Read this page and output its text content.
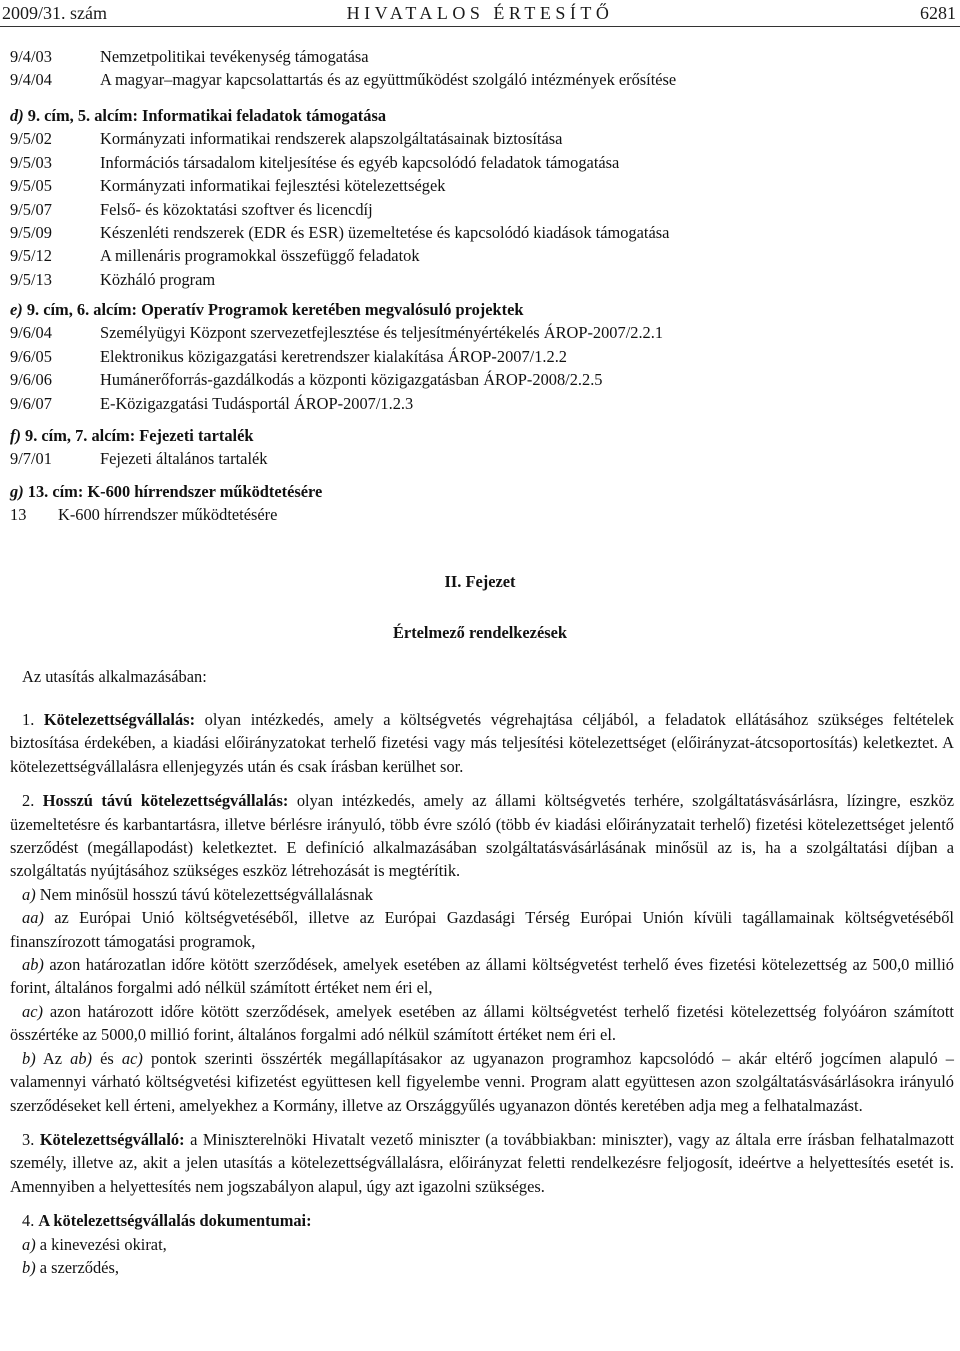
2009/31. szám	HIVATALOS ÉRTESÍTŐ	6281
9/4/03	Nemzetpolitikai tevékenység támogatása
9/4/04	A magyar–magyar kapcsolattartás és az együttműködést szolgáló intézmények erősítése
d) 9. cím, 5. alcím: Informatikai feladatok támogatása
9/5/02	Kormányzati informatikai rendszerek alapszolgáltatásainak biztosítása
9/5/03	Információs társadalom kiteljesítése és egyéb kapcsolódó feladatok támogatása
9/5/05	Kormányzati informatikai fejlesztési kötelezettségek
9/5/07	Felső- és közoktatási szoftver és licencdíj
9/5/09	Készenléti rendszerek (EDR és ESR) üzemeltetése és kapcsolódó kiadások támogatása
9/5/12	A millenáris programokkal összefüggő feladatok
9/5/13	Közháló program
e) 9. cím, 6. alcím: Operatív Programok keretében megvalósuló projektek
9/6/04	Személyügyi Központ szervezetfejlesztése és teljesítményértékelés ÁROP-2007/2.2.1
9/6/05	Elektronikus közigazgatási keretrendszer kialakítása ÁROP-2007/1.2.2
9/6/06	Humánerőforrás-gazdálkodás a központi közigazgatásban ÁROP-2008/2.2.5
9/6/07	E-Közigazgatási Tudásportál ÁROP-2007/1.2.3
f) 9. cím, 7. alcím: Fejezeti tartalék
9/7/01	Fejezeti általános tartalék
g) 13. cím: K-600 hírrendszer működtetésére
13	K-600 hírrendszer működtetésére
II. Fejezet
Értelmező rendelkezések
Az utasítás alkalmazásában:

1. Kötelezettségvállalás: olyan intézkedés, amely a költségvetés végrehajtása céljából, a feladatok ellátásához szükséges feltételek biztosítása érdekében, a kiadási előirányzatokat terhelő fizetési vagy más teljesítési kötelezettséget (előirányzat-átcsoportosítás) keletkeztet. A kötelezettségvállalásra ellenjegyzés után és csak írásban kerülhet sor.

2. Hosszú távú kötelezettségvállalás: olyan intézkedés, amely az állami költségvetés terhére, szolgáltatásvásárlásra, lízingre, eszköz üzemeltetésre és karbantartásra, illetve bérlésre irányuló, több évre szóló (több év kiadási előirányzatait terhelő) fizetési kötelezettséget jelentő szerződést (megállapodást) keletkeztet. E definíció alkalmazásában szolgáltatásvásárlásának minősül az is, ha a szolgáltatási díjban a szolgáltatás nyújtásához szükséges eszköz létrehozását is megtérítik.

a) Nem minősül hosszú távú kötelezettségvállalásnak

aa) az Európai Unió költségvetéséből, illetve az Európai Gazdasági Térség Európai Unión kívüli tagállamainak költségvetéséből finanszírozott támogatási programok,

ab) azon határozatlan időre kötött szerződések, amelyek esetében az állami költségvetést terhelő éves fizetési kötelezettség az 500,0 millió forint, általános forgalmi adó nélkül számított értéket nem éri el,

ac) azon határozott időre kötött szerződések, amelyek esetében az állami költségvetést terhelő fizetési kötelezettség folyóáron számított összértéke az 5000,0 millió forint, általános forgalmi adó nélkül számított értéket nem éri el.

b) Az ab) és ac) pontok szerinti összérték megállapításakor az ugyanazon programhoz kapcsolódó – akár eltérő jogcímen alapuló – valamennyi várható költségvetési kifizetést együttesen kell figyelembe venni. Program alatt együttesen azon szolgáltatásvásárlásokra irányuló szerződéseket kell érteni, amelyekhez a Kormány, illetve az Országgyűlés ugyanazon döntés keretében adja meg a felhatalmazást.

3. Kötelezettségvállaló: a Miniszterelnöki Hivatalt vezető miniszter (a továbbiakban: miniszter), vagy az általa erre írásban felhatalmazott személy, illetve az, akit a jelen utasítás a kötelezettségvállalásra, előirányzat feletti rendelkezésre feljogosít, ideértve a helyettesítés esetét is. Amennyiben a helyettesítés nem jogszabályon alapul, úgy azt igazolni szükséges.

4. A kötelezettségvállalás dokumentumai:

a) a kinevezési okirat,

b) a szerződés,
